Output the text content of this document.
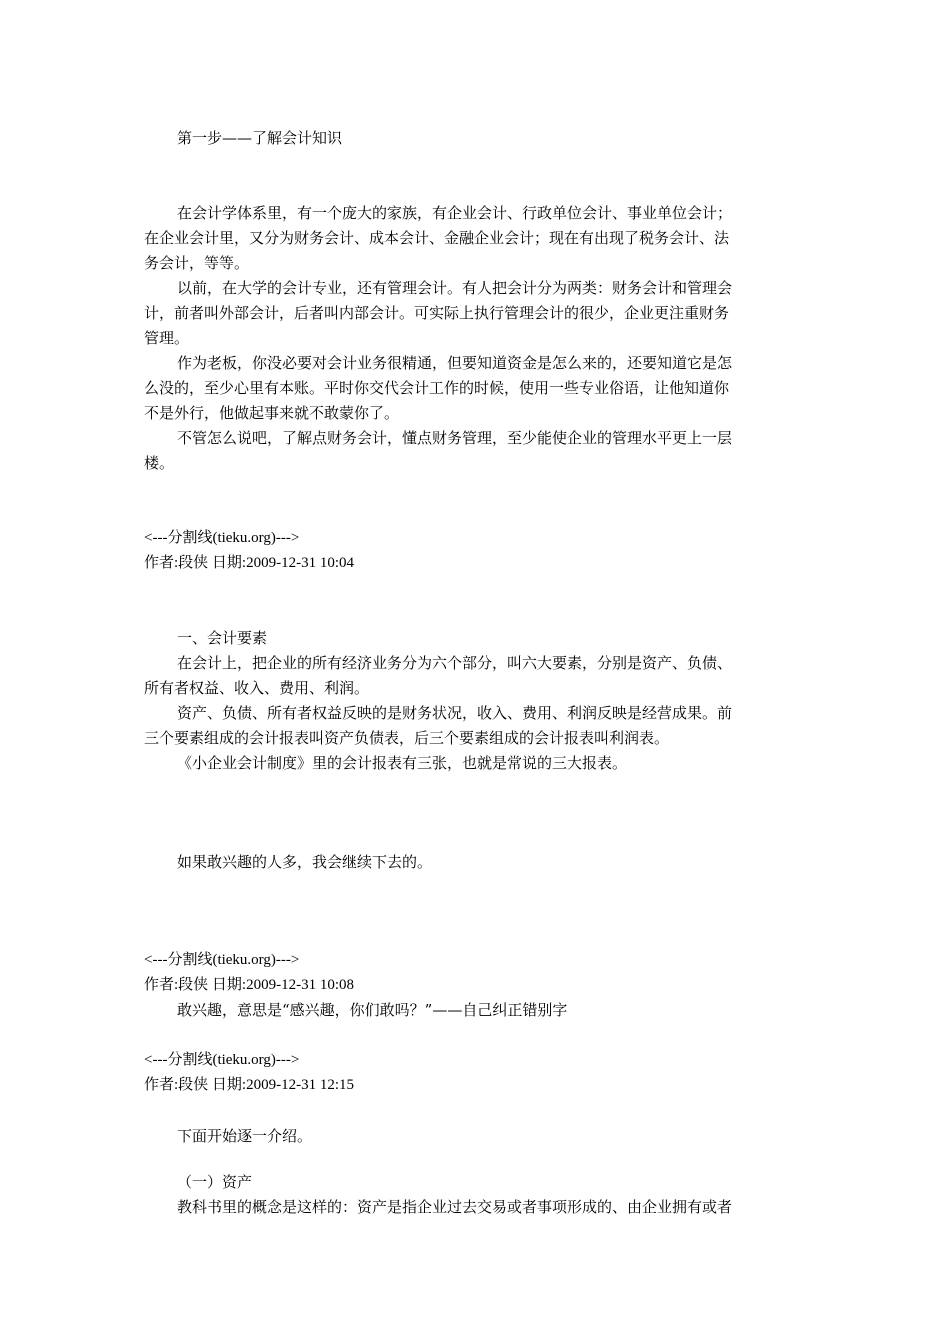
第一步——了解会计知识
在会计学体系里，有一个庞大的家族，有企业会计、行政单位会计、事业单位会计；
在企业会计里，又分为财务会计、成本会计、金融企业会计；现在有出现了税务会计、法
务会计，等等。
以前，在大学的会计专业，还有管理会计。有人把会计分为两类：财务会计和管理会
计，前者叫外部会计，后者叫内部会计。可实际上执行管理会计的很少，企业更注重财务
管理。
作为老板，你没必要对会计业务很精通，但要知道资金是怎么来的，还要知道它是怎
么没的，至少心里有本账。平时你交代会计工作的时候，使用一些专业俗语，让他知道你
不是外行，他做起事来就不敢蒙你了。
不管怎么说吧，了解点财务会计，懂点财务管理，至少能使企业的管理水平更上一层
楼。
<---分割线(tieku.org)--->
作者:段侠 日期:2009-12-31 10:04
一、会计要素
在会计上，把企业的所有经济业务分为六个部分，叫六大要素，分别是资产、负债、
所有者权益、收入、费用、利润。
资产、负债、所有者权益反映的是财务状况，收入、费用、利润反映是经营成果。前
三个要素组成的会计报表叫资产负债表，后三个要素组成的会计报表叫利润表。
《小企业会计制度》里的会计报表有三张，也就是常说的三大报表。
如果敢兴趣的人多，我会继续下去的。
<---分割线(tieku.org)--->
作者:段侠 日期:2009-12-31 10:08
敢兴趣，意思是“感兴趣，你们敢吗？”——自己纠正错别字
<---分割线(tieku.org)--->
作者:段侠 日期:2009-12-31 12:15
下面开始逐一介绍。
（一）资产
教科书里的概念是这样的：资产是指企业过去交易或者事项形成的、由企业拥有或者
